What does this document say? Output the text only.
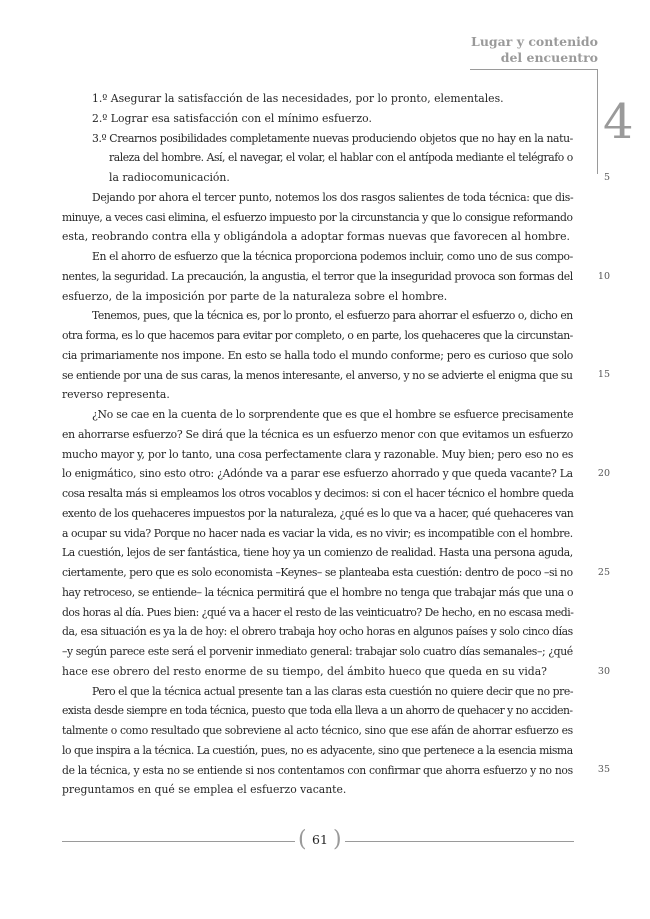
Lugar y contenido
del encuentro
4
1.º Asegurar la satisfacción de las necesidades, por lo pronto, elementales.
2.º Lograr esa satisfacción con el mínimo esfuerzo.
3.º Crearnos posibilidades completamente nuevas produciendo objetos que no hay en la natu-
raleza del hombre. Así, el navegar, el volar, el hablar con el antípoda mediante el telégrafo o
la radiocomunicación.
Dejando por ahora el tercer punto, notemos los dos rasgos salientes de toda técnica: que dis-
minuye, a veces casi elimina, el esfuerzo impuesto por la circunstancia y que lo consigue reformando
esta, reobrando contra ella y obligándola a adoptar formas nuevas que favorecen al hombre.
En el ahorro de esfuerzo que la técnica proporciona podemos incluir, como uno de sus compo-
nentes, la seguridad. La precaución, la angustia, el terror que la inseguridad provoca son formas del
esfuerzo, de la imposición por parte de la naturaleza sobre el hombre.
Tenemos, pues, que la técnica es, por lo pronto, el esfuerzo para ahorrar el esfuerzo o, dicho en
otra forma, es lo que hacemos para evitar por completo, o en parte, los quehaceres que la circunstan-
cia primariamente nos impone. En esto se halla todo el mundo conforme; pero es curioso que solo
se entiende por una de sus caras, la menos interesante, el anverso, y no se advierte el enigma que su
reverso representa.
¿No se cae en la cuenta de lo sorprendente que es que el hombre se esfuerce precisamente
en ahorrarse esfuerzo? Se dirá que la técnica es un esfuerzo menor con que evitamos un esfuerzo
mucho mayor y, por lo tanto, una cosa perfectamente clara y razonable. Muy bien; pero eso no es
lo enigmático, sino esto otro: ¿Adónde va a parar ese esfuerzo ahorrado y que queda vacante? La
cosa resalta más si empleamos los otros vocablos y decimos: si con el hacer técnico el hombre queda
exento de los quehaceres impuestos por la naturaleza, ¿qué es lo que va a hacer, qué quehaceres van
a ocupar su vida? Porque no hacer nada es vaciar la vida, es no vivir; es incompatible con el hombre.
La cuestión, lejos de ser fantástica, tiene hoy ya un comienzo de realidad. Hasta una persona aguda,
ciertamente, pero que es solo economista –Keynes– se planteaba esta cuestión: dentro de poco –si no
hay retroceso, se entiende– la técnica permitirá que el hombre no tenga que trabajar más que una o
dos horas al día. Pues bien: ¿qué va a hacer el resto de las veinticuatro? De hecho, en no escasa medi-
da, esa situación es ya la de hoy: el obrero trabaja hoy ocho horas en algunos países y solo cinco días
–y según parece este será el porvenir inmediato general: trabajar solo cuatro días semanales–; ¿qué
hace ese obrero del resto enorme de su tiempo, del ámbito hueco que queda en su vida?
Pero el que la técnica actual presente tan a las claras esta cuestión no quiere decir que no pre-
exista desde siempre en toda técnica, puesto que toda ella lleva a un ahorro de quehacer y no acciden-
talmente o como resultado que sobreviene al acto técnico, sino que ese afán de ahorrar esfuerzo es
lo que inspira a la técnica. La cuestión, pues, no es adyacente, sino que pertenece a la esencia misma
de la técnica, y esta no se entiende si nos contentamos con confirmar que ahorra esfuerzo y no nos
preguntamos en qué se emplea el esfuerzo vacante.
5
10
15
20
25
30
35
( 61 )
